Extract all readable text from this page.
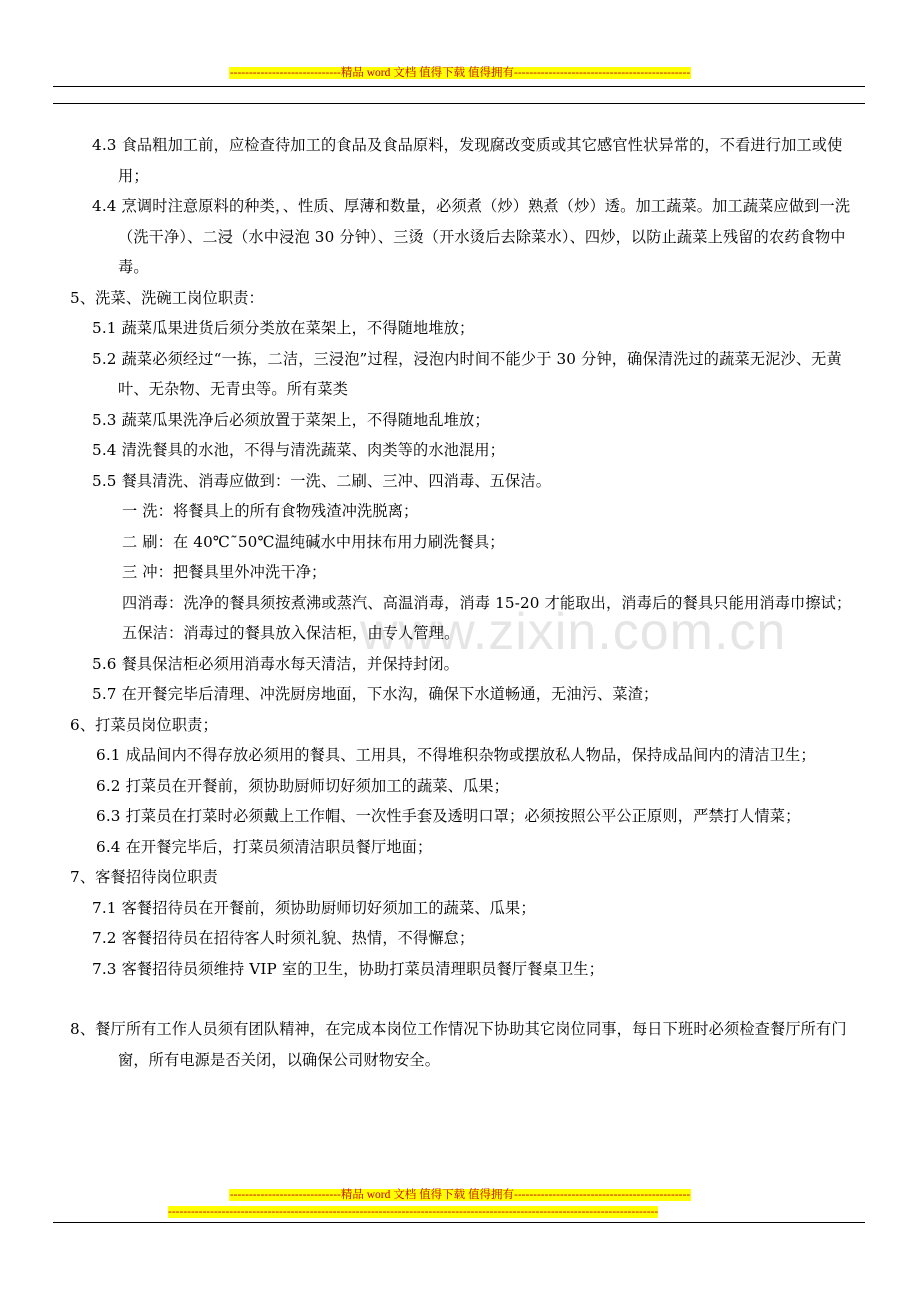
-----------------------------精品 word 文档 值得下载 值得拥有----------------------------------------------
www.zixin.com.cn

4.3 食品粗加工前，应检查待加工的食品及食品原料，发现腐改变质或其它感官性状异常的，不看进行加工或使用；

4.4 烹调时注意原料的种类，、性质、厚薄和数量，必须煮（炒）熟煮（炒）透。加工蔬菜。加工蔬菜应做到一洗（洗干净）、二浸（水中浸泡 30 分钟）、三烫（开水烫后去除菜水）、四炒，以防止蔬菜上残留的农药食物中毒。

5、洗菜、洗碗工岗位职责：

5.1 蔬菜瓜果进货后须分类放在菜架上，不得随地堆放；

5.2 蔬菜必须经过“一拣，二洁，三浸泡”过程，浸泡内时间不能少于 30 分钟，确保清洗过的蔬菜无泥沙、无黄叶、无杂物、无青虫等。所有菜类

5.3 蔬菜瓜果洗净后必须放置于菜架上，不得随地乱堆放；

5.4 清洗餐具的水池，不得与清洗蔬菜、肉类等的水池混用；

5.5 餐具清洗、消毒应做到：一洗、二刷、三冲、四消毒、五保洁。

一 洗：将餐具上的所有食物残渣冲洗脱离；

二 刷：在 40℃˜50℃温纯碱水中用抹布用力刷洗餐具；

三 冲：把餐具里外冲洗干净；

四消毒：洗净的餐具须按煮沸或蒸汽、高温消毒，消毒 15-20 才能取出，消毒后的餐具只能用消毒巾擦试；

五保洁：消毒过的餐具放入保洁柜，由专人管理。

5.6 餐具保洁柜必须用消毒水每天清洁，并保持封闭。

5.7 在开餐完毕后清理、冲洗厨房地面，下水沟，确保下水道畅通，无油污、菜渣；

6、打菜员岗位职责；

6.1 成品间内不得存放必须用的餐具、工用具，不得堆积杂物或摆放私人物品，保持成品间内的清洁卫生；

6.2 打菜员在开餐前，须协助厨师切好须加工的蔬菜、瓜果；

6.3 打菜员在打菜时必须戴上工作帽、一次性手套及透明口罩；必须按照公平公正原则，严禁打人情菜；

6.4 在开餐完毕后，打菜员须清洁职员餐厅地面；

7、客餐招待岗位职责

7.1 客餐招待员在开餐前，须协助厨师切好须加工的蔬菜、瓜果；

7.2 客餐招待员在招待客人时须礼貌、热情，不得懈怠；

7.3 客餐招待员须维持 VIP 室的卫生，协助打菜员清理职员餐厅餐桌卫生；

8、餐厅所有工作人员须有团队精神，在完成本岗位工作情况下协助其它岗位同事，每日下班时必须检查餐厅所有门窗，所有电源是否关闭，以确保公司财物安全。

-----------------------------精品 word 文档 值得下载 值得拥有----------------------------------------------
--------------------------------------------------------------------------------------------------------------------------------
